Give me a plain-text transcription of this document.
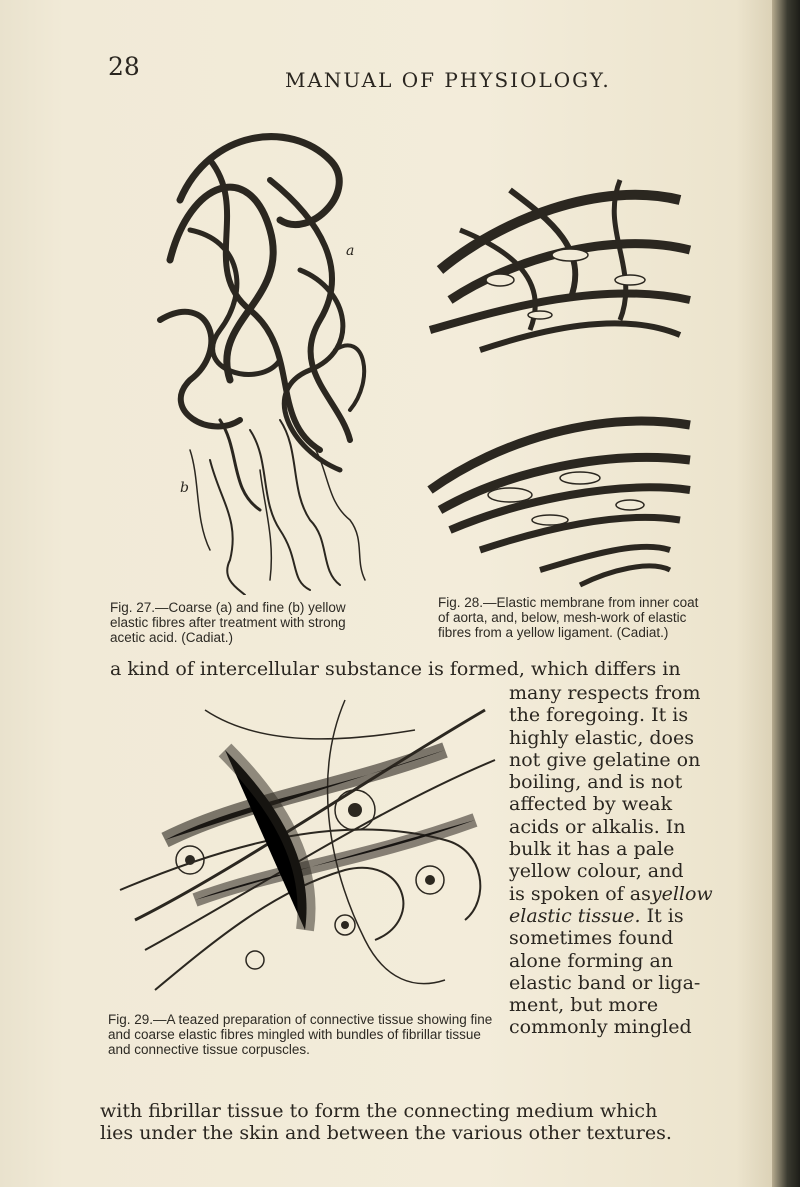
28	MANUAL OF PHYSIOLOGY.
a
b
Fig. 27.—Coarse (a) and fine (b) yellow elastic fibres after treatment with strong acetic acid. (Cadiat.)
Fig. 28.—Elastic membrane from inner coat of aorta, and, below, mesh-work of elastic fibres from a yellow ligament. (Cadiat.)
a kind of intercellular substance is formed, which differs in

many respects from

the foregoing. It is

highly elastic, does

not give gelatine on

boiling, and is not

affected by weak

acids or alkalis. In

bulk it has a pale

yellow colour, and

is spoken of asyellow

elastic tissue. It is

sometimes found

alone forming an

elastic band or liga-

ment, but more

commonly mingled

Fig. 29.—A teazed preparation of connective tissue showing fine and coarse elastic fibres mingled with bundles of fibrillar tissue and connective tissue corpuscles.
with fibrillar tissue to form the connecting medium which
lies under the skin and between the various other textures.
